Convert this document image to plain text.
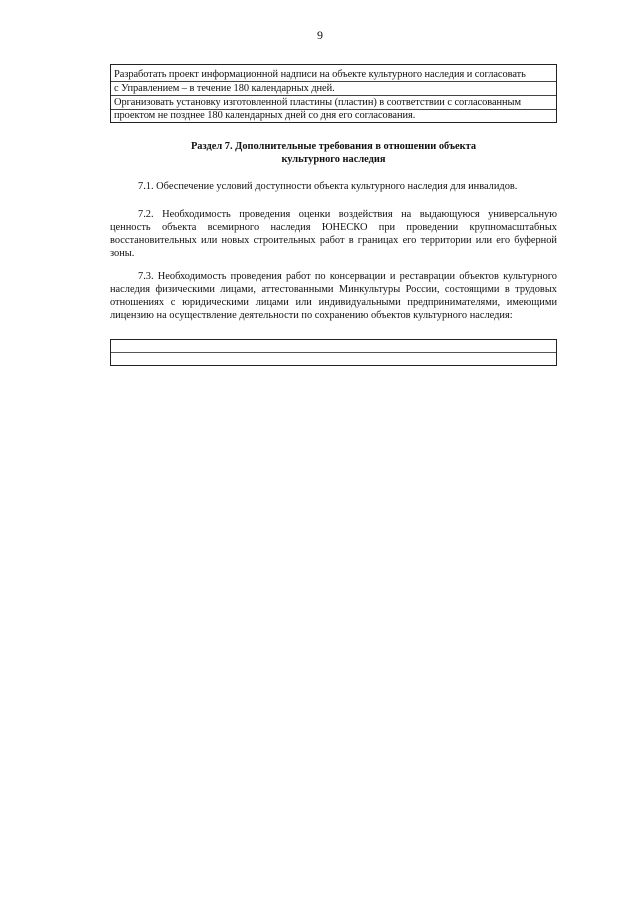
9
Разработать проект информационной надписи на объекте культурного наследия и согласовать
с Управлением – в течение 180 календарных дней.
Организовать установку изготовленной пластины (пластин) в соответствии с согласованным
проектом не позднее 180 календарных дней со дня его согласования.
Раздел 7. Дополнительные требования в отношении объекта
культурного наследия
7.1. Обеспечение условий доступности объекта культурного наследия для инвалидов.
7.2. Необходимость проведения оценки воздействия на выдающуюся универсальную
ценность объекта всемирного наследия ЮНЕСКО при проведении крупномасштабных
восстановительных или новых строительных работ в границах его территории или его буферной
зоны.
7.3. Необходимость проведения работ по консервации и реставрации объектов культурного
наследия физическими лицами, аттестованными Минкультуры России, состоящими в трудовых
отношениях с юридическими лицами или индивидуальными предпринимателями, имеющими
лицензию на осуществление деятельности по сохранению объектов культурного наследия:
